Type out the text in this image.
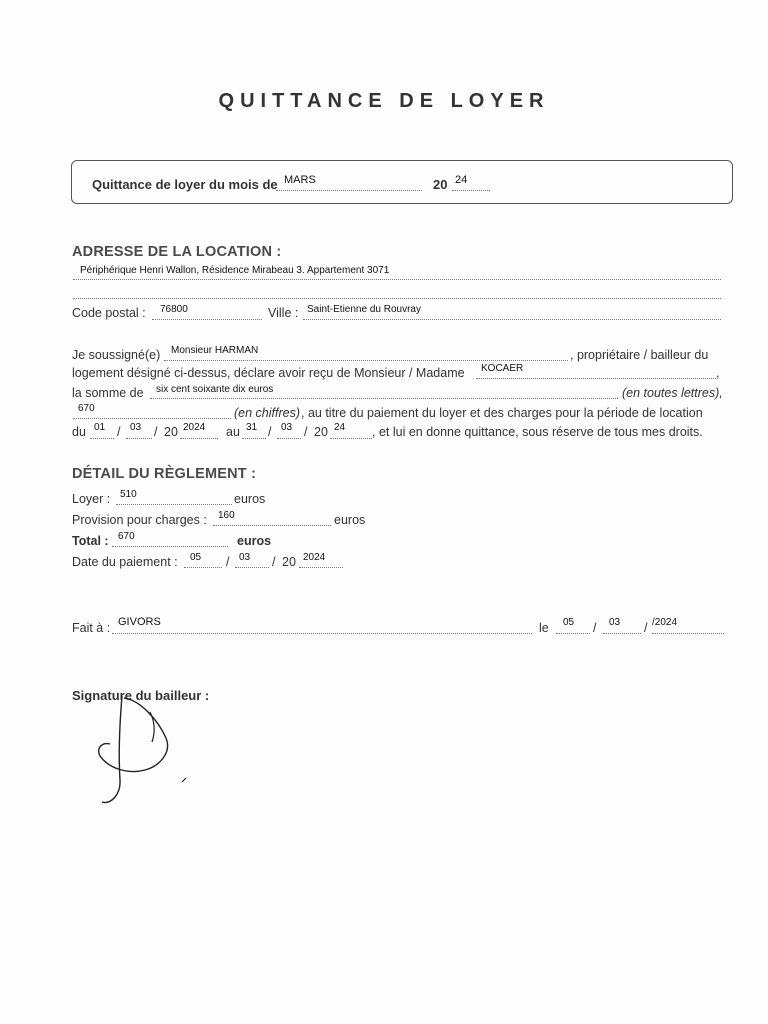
QUITTANCE DE LOYER
Quittance de loyer du mois de MARS	20 24
ADRESSE DE LA LOCATION :
Périphérique Henri Wallon, Résidence Mirabeau 3. Appartement 3071
Code postal : 76800	Ville : Saint-Etienne du Rouvray
Je soussigné(e) Monsieur HARMAN	, propriétaire / bailleur du
logement désigné ci-dessus, déclare avoir reçu de Monsieur / Madame KOCAER	,
la somme de six cent soixante dix euros	(en toutes lettres),
670	(en chiffres) , au titre du paiement du loyer et des charges pour la période de location
du 01 / 03 / 20 2024 au 31 / 03 / 20 24 , et lui en donne quittance, sous réserve de tous mes droits.
DÉTAIL DU RÈGLEMENT :
Loyer : 510	euros
Provision pour charges : 160	euros
Total : 670	euros
Date du paiement : 05 / 03 / 20 2024
Fait à : GIVORS	le 05 / 03 / /2024
Signature du bailleur :
